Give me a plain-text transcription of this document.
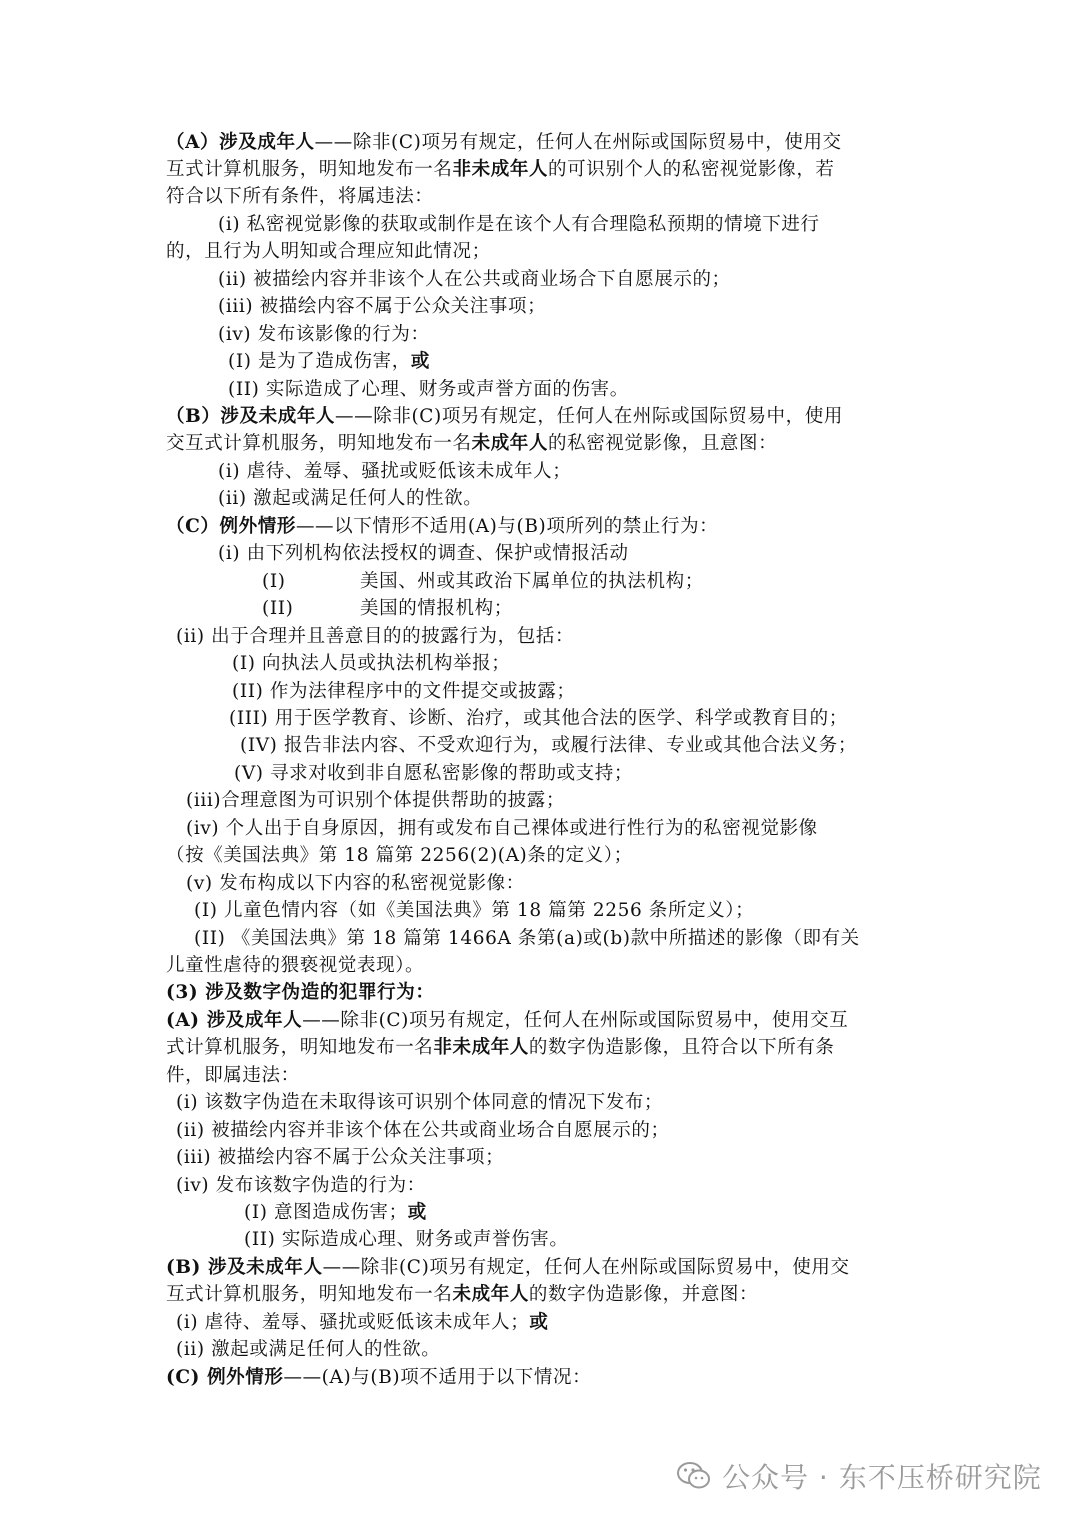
（A）涉及成年人——除非(C)项另有规定，任何人在州际或国际贸易中，使用交
互式计算机服务，明知地发布一名非未成年人的可识别个人的私密视觉影像，若
符合以下所有条件，将属违法：
(i) 私密视觉影像的获取或制作是在该个人有合理隐私预期的情境下进行
的，且行为人明知或合理应知此情况；
(ii) 被描绘内容并非该个人在公共或商业场合下自愿展示的；
(iii) 被描绘内容不属于公众关注事项；
(iv) 发布该影像的行为：
(I) 是为了造成伤害，或
(II) 实际造成了心理、财务或声誉方面的伤害。
（B）涉及未成年人——除非(C)项另有规定，任何人在州际或国际贸易中，使用
交互式计算机服务，明知地发布一名未成年人的私密视觉影像，且意图：
(i) 虐待、羞辱、骚扰或贬低该未成年人；
(ii) 激起或满足任何人的性欲。
（C）例外情形——以下情形不适用(A)与(B)项所列的禁止行为：
(i) 由下列机构依法授权的调查、保护或情报活动
(I)	美国、州或其政治下属单位的执法机构；
(II)	美国的情报机构；
(ii) 出于合理并且善意目的的披露行为，包括：
(I) 向执法人员或执法机构举报；
(II) 作为法律程序中的文件提交或披露；
(III) 用于医学教育、诊断、治疗，或其他合法的医学、科学或教育目的；
(IV) 报告非法内容、不受欢迎行为，或履行法律、专业或其他合法义务；
(V) 寻求对收到非自愿私密影像的帮助或支持；
(iii)合理意图为可识别个体提供帮助的披露；
(iv) 个人出于自身原因，拥有或发布自己裸体或进行性行为的私密视觉影像
（按《美国法典》第 18 篇第 2256(2)(A)条的定义）；
(v) 发布构成以下内容的私密视觉影像：
(I) 儿童色情内容（如《美国法典》第 18 篇第 2256 条所定义）；
(II) 《美国法典》第 18 篇第 1466A 条第(a)或(b)款中所描述的影像（即有关
儿童性虐待的猥亵视觉表现）。
(3) 涉及数字伪造的犯罪行为：
(A) 涉及成年人——除非(C)项另有规定，任何人在州际或国际贸易中，使用交互
式计算机服务，明知地发布一名非未成年人的数字伪造影像，且符合以下所有条
件，即属违法：
(i) 该数字伪造在未取得该可识别个体同意的情况下发布；
(ii) 被描绘内容并非该个体在公共或商业场合自愿展示的；
(iii) 被描绘内容不属于公众关注事项；
(iv) 发布该数字伪造的行为：
(I) 意图造成伤害；或
(II) 实际造成心理、财务或声誉伤害。
(B) 涉及未成年人——除非(C)项另有规定，任何人在州际或国际贸易中，使用交
互式计算机服务，明知地发布一名未成年人的数字伪造影像，并意图：
(i) 虐待、羞辱、骚扰或贬低该未成年人；或
(ii) 激起或满足任何人的性欲。
(C) 例外情形——(A)与(B)项不适用于以下情况：
公众号 · 东不压桥研究院
